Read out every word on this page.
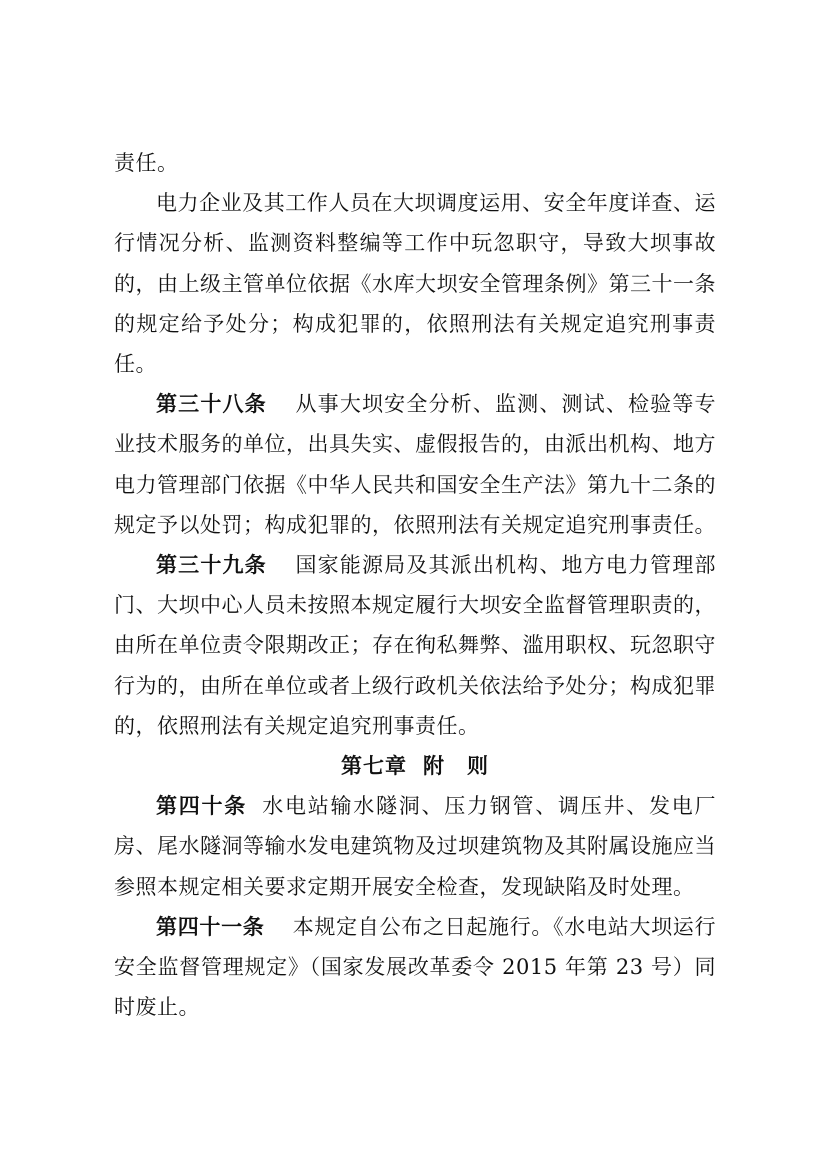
责任。

电力企业及其工作人员在大坝调度运用、安全年度详查、运行情况分析、监测资料整编等工作中玩忽职守，导致大坝事故的，由上级主管单位依据《水库大坝安全管理条例》第三十一条的规定给予处分；构成犯罪的，依照刑法有关规定追究刑事责任。

第三十八条 从事大坝安全分析、监测、测试、检验等专业技术服务的单位，出具失实、虚假报告的，由派出机构、地方电力管理部门依据《中华人民共和国安全生产法》第九十二条的规定予以处罚；构成犯罪的，依照刑法有关规定追究刑事责任。

第三十九条 国家能源局及其派出机构、地方电力管理部门、大坝中心人员未按照本规定履行大坝安全监督管理职责的，由所在单位责令限期改正；存在徇私舞弊、滥用职权、玩忽职守行为的，由所在单位或者上级行政机关依法给予处分；构成犯罪的，依照刑法有关规定追究刑事责任。

第七章 附　则

第四十条 水电站输水隧洞、压力钢管、调压井、发电厂房、尾水隧洞等输水发电建筑物及过坝建筑物及其附属设施应当参照本规定相关要求定期开展安全检查，发现缺陷及时处理。

第四十一条 本规定自公布之日起施行。《水电站大坝运行安全监督管理规定》（国家发展改革委令 2015 年第 23 号）同时废止。
